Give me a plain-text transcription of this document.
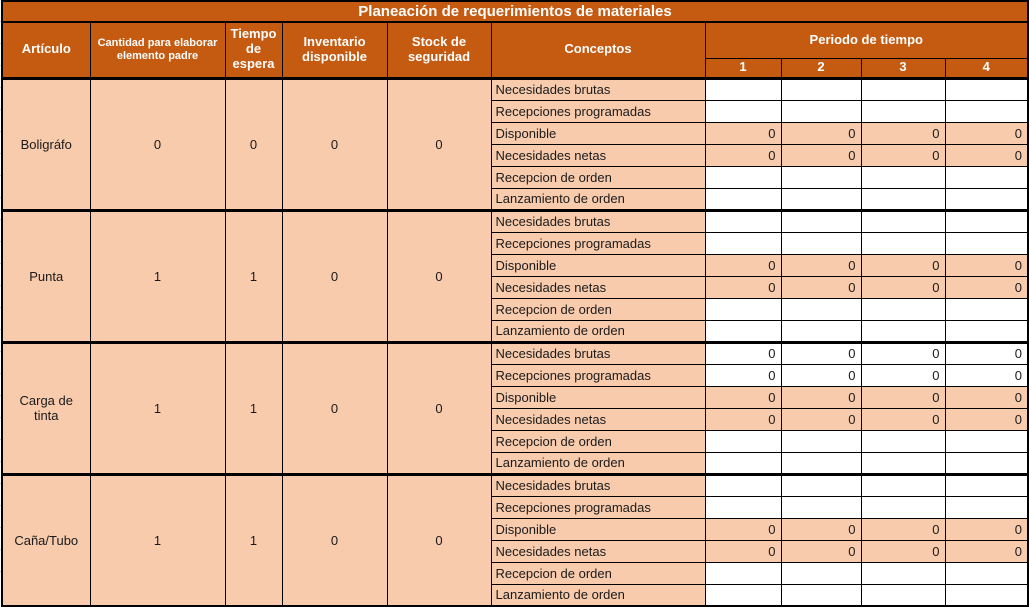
Planeación de requerimientos de materiales									
Artículo	Cantidad para elaborar elemento padre	Tiempo de espera	Inventario disponible	Stock de seguridad	Conceptos	Periodo de tiempo			
						1	2	3	4
Boligráfo	0	0	0	0	Necesidades brutas				
					Recepciones programadas				
					Disponible	0	0	0	0
					Necesidades netas	0	0	0	0
					Recepcion de orden				
					Lanzamiento de orden				
Punta	1	1	0	0	Necesidades brutas				
					Recepciones programadas				
					Disponible	0	0	0	0
					Necesidades netas	0	0	0	0
					Recepcion de orden				
					Lanzamiento de orden				
Carga de tinta	1	1	0	0	Necesidades brutas	0	0	0	0
					Recepciones programadas	0	0	0	0
					Disponible	0	0	0	0
					Necesidades netas	0	0	0	0
					Recepcion de orden				
					Lanzamiento de orden				
Caña/Tubo	1	1	0	0	Necesidades brutas				
					Recepciones programadas				
					Disponible	0	0	0	0
					Necesidades netas	0	0	0	0
					Recepcion de orden				
					Lanzamiento de orden				
